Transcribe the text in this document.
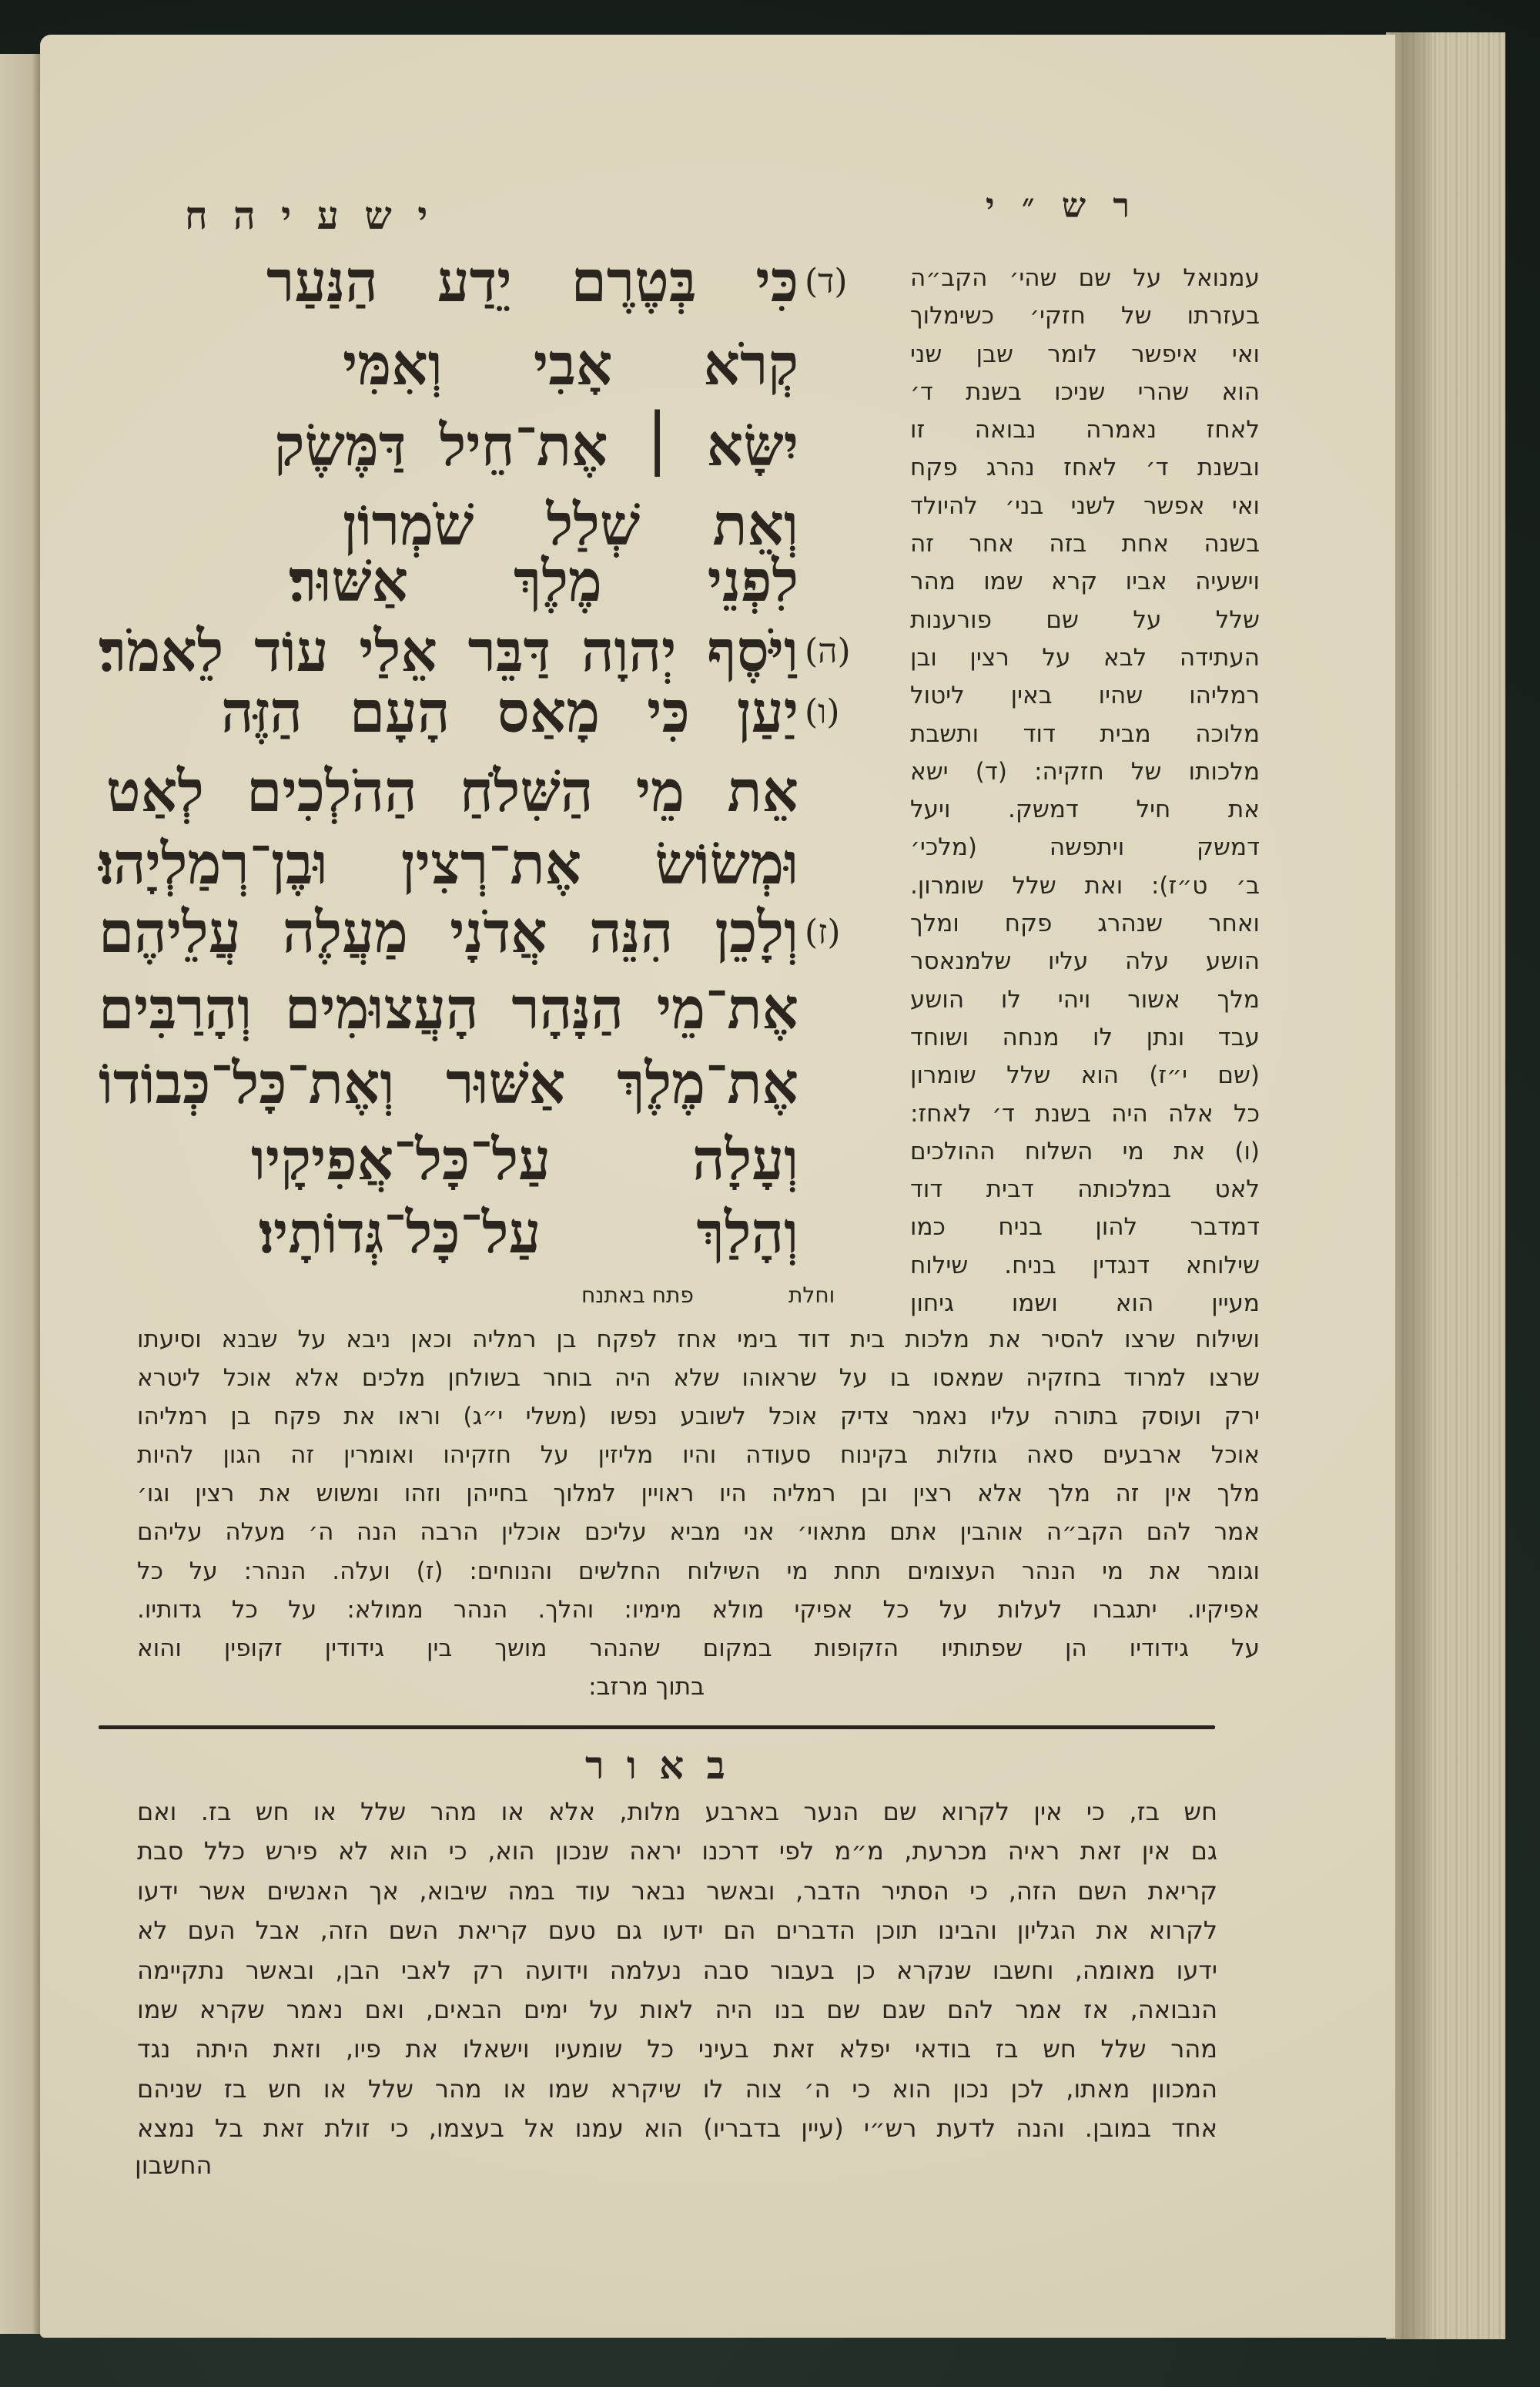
ר ש ״ י
י ש ע י ה ח
(ד)
כִּי בְּטֶרֶם יֵדַע הַנַּעַר
קְרֹא אָבִי וְאִמִּי
יִשָּׂא ׀ אֶת־חֵיל דַּמֶּשֶׂק
וְאֵת שְׁלַל שֹׁמְרוֹן
לִפְנֵי מֶלֶךְ אַשּׁוּר׃
(ה)
וַיֹּסֶף יְהוָה דַּבֵּר אֵלַי עוֹד לֵאמֹר׃
(ו)
יַעַן כִּי מָאַס הָעָם הַזֶּה
אֵת מֵי הַשִּׁלֹחַ הַהֹלְכִים לְאַט
וּמְשׂוֹשׂ אֶת־רְצִין וּבֶן־רְמַלְיָהוּ׃
(ז)
וְלָכֵן הִנֵּה אֲדֹנָי מַעֲלֶה עֲלֵיהֶם
אֶת־מֵי הַנָּהָר הָעֲצוּמִים וְהָרַבִּים
אֶת־מֶלֶךְ אַשּׁוּר וְאֶת־כָּל־כְּבוֹדוֹ
וְעָלָה עַל־כָּל־אֲפִיקָיו
וְהָלַךְ עַל־כָּל־גְּדוֹתָיו׃
עמנואל על שם שהי׳ הקב״ה
בעזרתו של חזקי׳ כשימלוך
ואי איפשר לומר שבן שני
הוא שהרי שניכו בשנת ד׳
לאחז נאמרה נבואה זו
ובשנת ד׳ לאחז נהרג פקח
ואי אפשר לשני בני׳ להיולד
בשנה אחת בזה אחר זה
וישעיה אביו קרא שמו מהר
שלל על שם פורענות
העתידה לבא על רצין ובן
רמליהו שהיו באין ליטול
מלוכה מבית דוד ותשבת
מלכותו של חזקיה: (ד) ישא
את חיל דמשק. ויעל
דמשק ויתפשה (מלכי׳
ב׳ ט״ז): ואת שלל שומרון.
ואחר שנהרג פקח ומלך
הושע עלה עליו שלמנאסר
מלך אשור ויהי לו הושע
עבד ונתן לו מנחה ושוחד
(שם י״ז) הוא שלל שומרון
כל אלה היה בשנת ד׳ לאחז:
(ו) את מי השלוח ההולכים
לאט במלכותה דבית דוד
דמדבר להון בניח כמו
שילוחא דנגדין בניח. שילוח
מעיין הוא ושמו גיחון
פתח באתנח	וחלת
ושילוח שרצו להסיר את מלכות בית דוד בימי אחז לפקח בן רמליה וכאן ניבא על שבנא וסיעתו
שרצו למרוד בחזקיה שמאסו בו על שראוהו שלא היה בוחר בשולחן מלכים אלא אוכל ליטרא
ירק ועוסק בתורה עליו נאמר צדיק אוכל לשובע נפשו (משלי י״ג) וראו את פקח בן רמליהו
אוכל ארבעים סאה גוזלות בקינוח סעודה והיו מליזין על חזקיהו ואומרין זה הגון להיות
מלך אין זה מלך אלא רצין ובן רמליה היו ראויין למלוך בחייהן וזהו ומשוש את רצין וגו׳
אמר להם הקב״ה אוהבין אתם מתאוי׳ אני מביא עליכם אוכלין הרבה הנה ה׳ מעלה עליהם
וגומר את מי הנהר העצומים תחת מי השילוח החלשים והנוחים: (ז) ועלה. הנהר: על כל
אפיקיו. יתגברו לעלות על כל אפיקי מולא מימיו: והלך. הנהר ממולא: על כל גדותיו.
על גידודיו הן שפתותיו הזקופות במקום שהנהר מושך בין גידודין זקופין והוא
בתוך מרזב:
ב א ו ר
חש בז, כי אין לקרוא שם הנער בארבע מלות, אלא או מהר שלל או חש בז. ואם
גם אין זאת ראיה מכרעת, מ״מ לפי דרכנו יראה שנכון הוא, כי הוא לא פירש כלל סבת
קריאת השם הזה, כי הסתיר הדבר, ובאשר נבאר עוד במה שיבוא, אך האנשים אשר ידעו
לקרוא את הגליון והבינו תוכן הדברים הם ידעו גם טעם קריאת השם הזה, אבל העם לא
ידעו מאומה, וחשבו שנקרא כן בעבור סבה נעלמה וידועה רק לאבי הבן, ובאשר נתקיימה
הנבואה, אז אמר להם שגם שם בנו היה לאות על ימים הבאים, ואם נאמר שקרא שמו
מהר שלל חש בז בודאי יפלא זאת בעיני כל שומעיו וישאלו את פיו, וזאת היתה נגד
המכוון מאתו, לכן נכון הוא כי ה׳ צוה לו שיקרא שמו או מהר שלל או חש בז שניהם
אחד במובן. והנה לדעת רש״י (עיין בדבריו) הוא עמנו אל בעצמו, כי זולת זאת בל נמצא
החשבון
